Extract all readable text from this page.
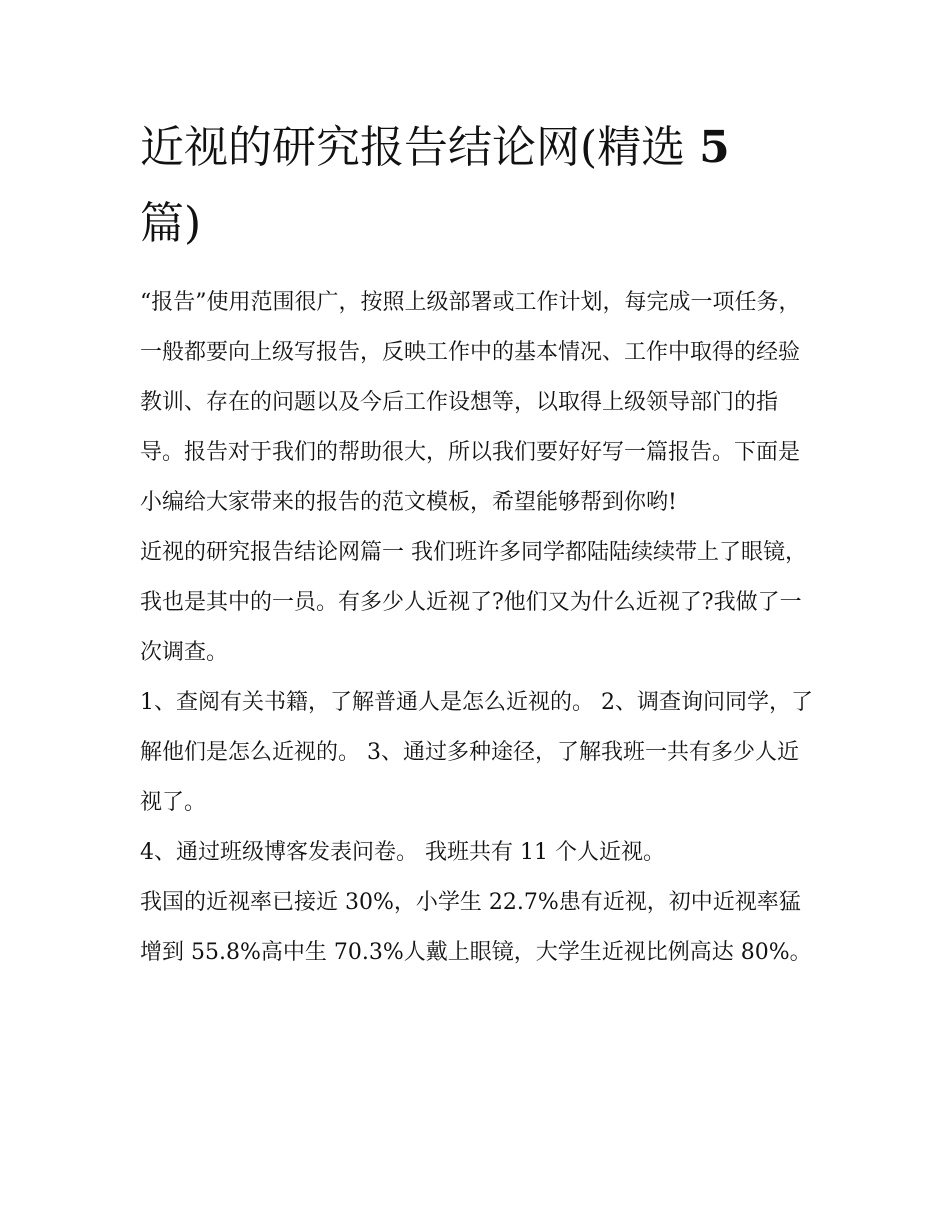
近视的研究报告结论网(精选 5
篇)

“报告”使用范围很广，按照上级部署或工作计划，每完成一项任务，一般都要向上级写报告，反映工作中的基本情况、工作中取得的经验教训、存在的问题以及今后工作设想等，以取得上级领导部门的指导。报告对于我们的帮助很大，所以我们要好好写一篇报告。下面是小编给大家带来的报告的范文模板，希望能够帮到你哟!

近视的研究报告结论网篇一 我们班许多同学都陆陆续续带上了眼镜，我也是其中的一员。有多少人近视了?他们又为什么近视了?我做了一次调查。

1、查阅有关书籍，了解普通人是怎么近视的。 2、调查询问同学，了解他们是怎么近视的。 3、通过多种途径，了解我班一共有多少人近视了。

4、通过班级博客发表问卷。 我班共有 11 个人近视。

我国的近视率已接近 30%，小学生 22.7%患有近视，初中近视率猛增到 55.8%高中生 70.3%人戴上眼镜，大学生近视比例高达 80%。
